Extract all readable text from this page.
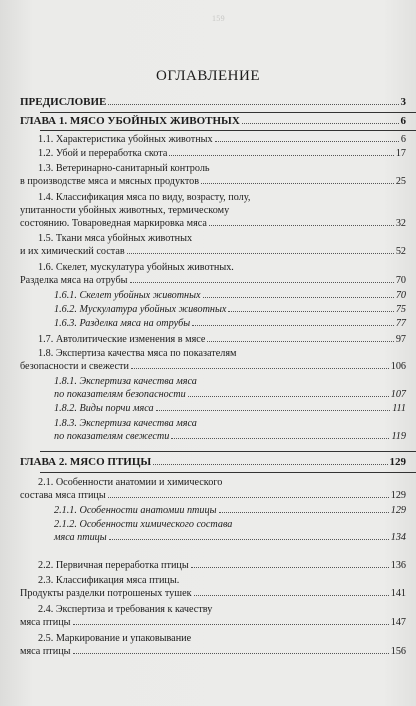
159
ОГЛАВЛЕНИЕ
ПРЕДИСЛОВИЕ	3
ГЛАВА 1. МЯСО УБОЙНЫХ ЖИВОТНЫХ	6
1.1. Характеристика убойных животных	6
1.2. Убой и переработка скота	17
1.3. Ветеринарно-санитарный контроль
в производстве мяса и мясных продуктов	25
1.4. Классификация мяса по виду, возрасту, полу,
упитанности убойных животных, термическому
состоянию. Товароведная маркировка мяса	32
1.5. Ткани мяса убойных животных
и их химический состав	52
1.6. Скелет, мускулатура убойных животных.
Разделка мяса на отрубы	70
1.6.1. Скелет убойных животных	70
1.6.2. Мускулатура убойных животных	75
1.6.3. Разделка мяса на отрубы	77
1.7. Автолитические изменения в мясе	97
1.8. Экспертиза качества мяса по показателям
безопасности и свежести	106
1.8.1. Экспертиза качества мяса
по показателям безопасности	107
1.8.2. Виды порчи мяса	111
1.8.3. Экспертиза качества мяса
по показателям свежести	119
ГЛАВА 2. МЯСО ПТИЦЫ	129
2.1. Особенности анатомии и химического
состава мяса птицы	129
2.1.1. Особенности анатомии птицы	129
2.1.2. Особенности химического состава
мяса птицы	134
2.2. Первичная переработка птицы	136
2.3. Классификация мяса птицы.
Продукты разделки потрошеных тушек	141
2.4. Экспертиза и требования к качеству
мяса птицы	147
2.5. Маркирование и упаковывание
мяса птицы	156
